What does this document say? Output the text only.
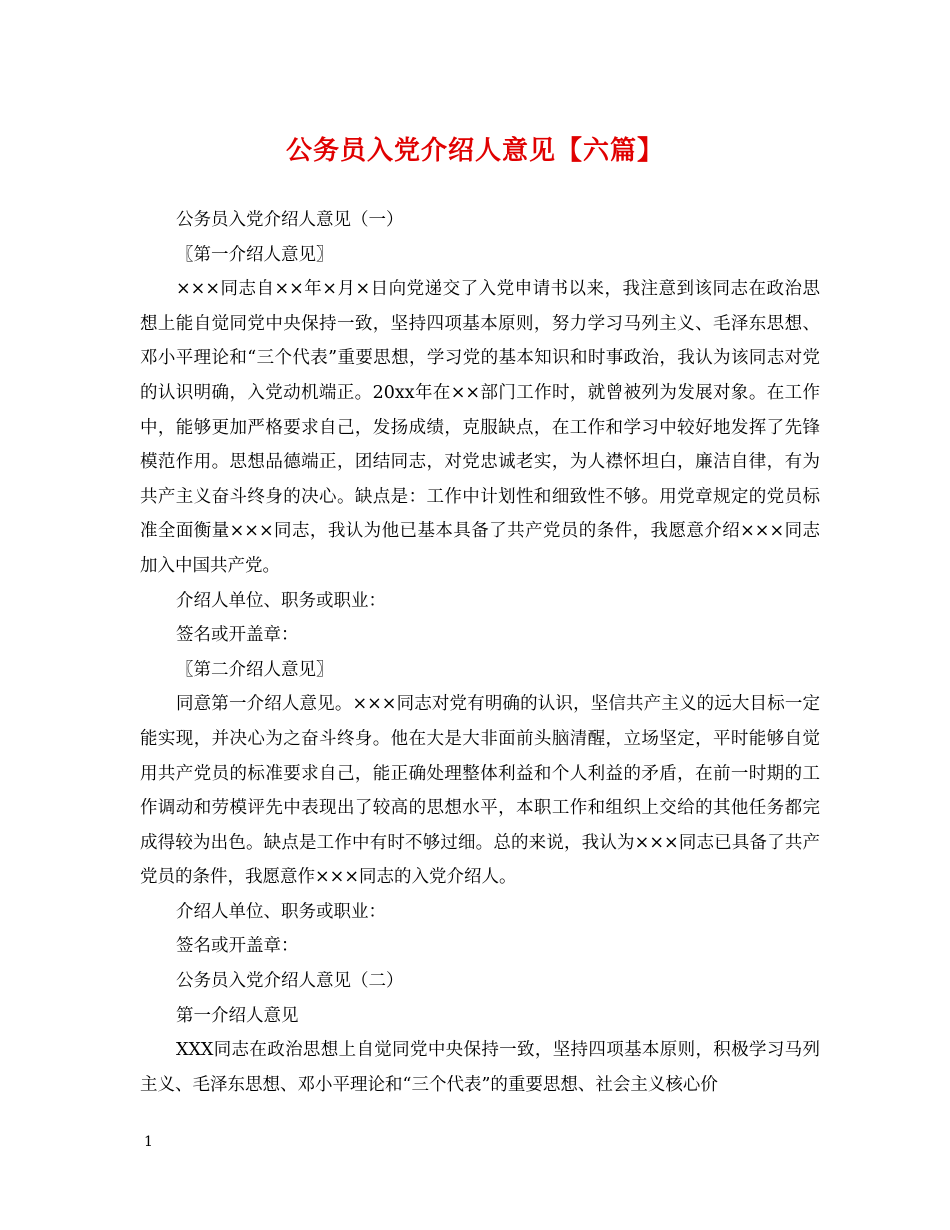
公务员入党介绍人意见【六篇】

公务员入党介绍人意见（一）

〖第一介绍人意见〗

×××同志自××年×月×日向党递交了入党申请书以来，我注意到该同志在政治思想上能自觉同党中央保持一致，坚持四项基本原则，努力学习马列主义、毛泽东思想、邓小平理论和“三个代表”重要思想，学习党的基本知识和时事政治，我认为该同志对党的认识明确，入党动机端正。20xx年在××部门工作时，就曾被列为发展对象。在工作中，能够更加严格要求自己，发扬成绩，克服缺点，在工作和学习中较好地发挥了先锋模范作用。思想品德端正，团结同志，对党忠诚老实，为人襟怀坦白，廉洁自律，有为共产主义奋斗终身的决心。缺点是：工作中计划性和细致性不够。用党章规定的党员标准全面衡量×××同志，我认为他已基本具备了共产党员的条件，我愿意介绍×××同志加入中国共产党。

介绍人单位、职务或职业：

签名或开盖章：

〖第二介绍人意见〗

同意第一介绍人意见。×××同志对党有明确的认识，坚信共产主义的远大目标一定能实现，并决心为之奋斗终身。他在大是大非面前头脑清醒，立场坚定，平时能够自觉用共产党员的标准要求自己，能正确处理整体利益和个人利益的矛盾，在前一时期的工作调动和劳模评先中表现出了较高的思想水平，本职工作和组织上交给的其他任务都完成得较为出色。缺点是工作中有时不够过细。总的来说，我认为×××同志已具备了共产党员的条件，我愿意作×××同志的入党介绍人。

介绍人单位、职务或职业：

签名或开盖章：

公务员入党介绍人意见（二）

第一介绍人意见

XXX同志在政治思想上自觉同党中央保持一致，坚持四项基本原则，积极学习马列主义、毛泽东思想、邓小平理论和“三个代表”的重要思想、社会主义核心价

1
